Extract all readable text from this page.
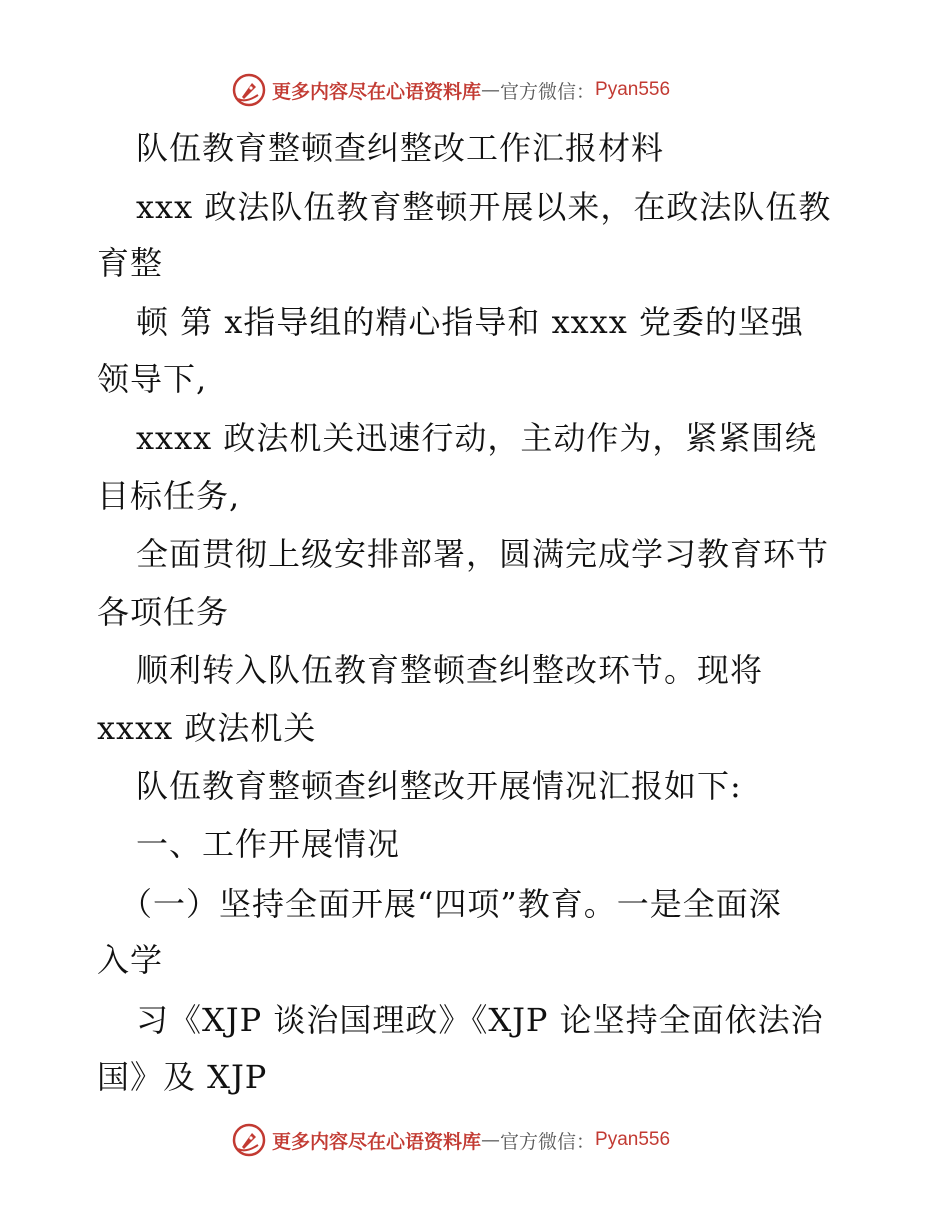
更多内容尽在心语资料库 — 官方微信： Pyan556
队伍教育整顿查纠整改工作汇报材料
xxx 政法队伍教育整顿开展以来，在政法队伍教
育整
顿 第 x指导组的精心指导和 xxxx 党委的坚强
领导下,
xxxx 政法机关迅速行动，主动作为，紧紧围绕
目标任务,
全面贯彻上级安排部署，圆满完成学习教育环节
各项任务
顺利转入队伍教育整顿查纠整改环节。现将
xxxx 政法机关
队伍教育整顿查纠整改开展情况汇报如下:
一、工作开展情况
（一）坚持全面开展“四项”教育。一是全面深
入学
习《XJP 谈治国理政》《XJP 论坚持全面依法治
国》及 XJP
更多内容尽在心语资料库 — 官方微信： Pyan556
